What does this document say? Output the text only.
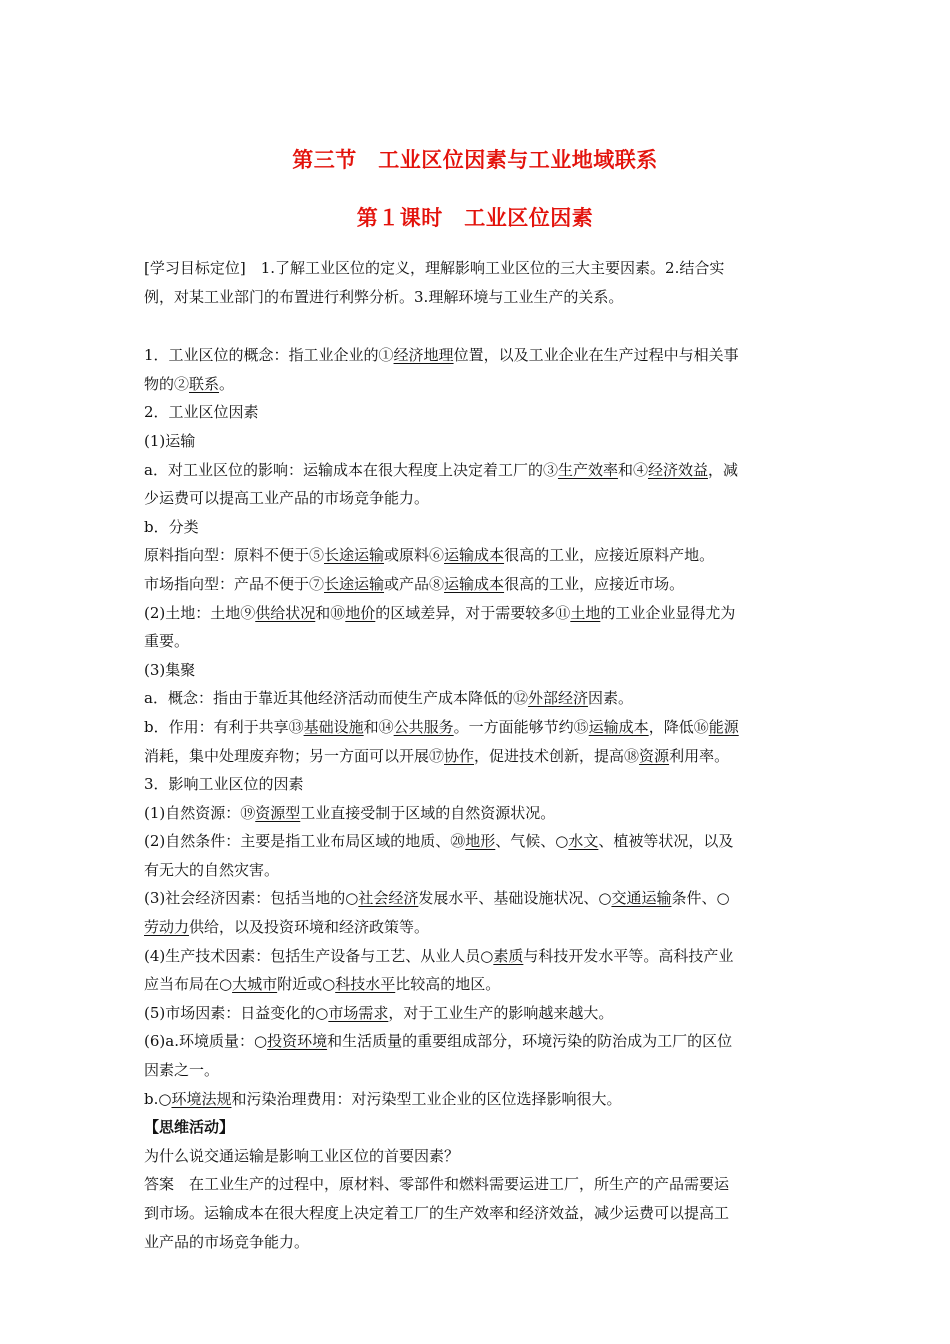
第三节　工业区位因素与工业地域联系
第１课时　工业区位因素
[学习目标定位]　1.了解工业区位的定义，理解影响工业区位的三大主要因素。2.结合实
例，对某工业部门的布置进行利弊分析。3.理解环境与工业生产的关系。
1．工业区位的概念：指工业企业的①经济地理位置，以及工业企业在生产过程中与相关事
物的②联系。
2．工业区位因素
(1)运输
a．对工业区位的影响：运输成本在很大程度上决定着工厂的③生产效率和④经济效益，减
少运费可以提高工业产品的市场竞争能力。
b．分类
原料指向型：原料不便于⑤长途运输或原料⑥运输成本很高的工业，应接近原料产地。
市场指向型：产品不便于⑦长途运输或产品⑧运输成本很高的工业，应接近市场。
(2)土地：土地⑨供给状况和⑩地价的区域差异，对于需要较多⑪土地的工业企业显得尤为
重要。
(3)集聚
a．概念：指由于靠近其他经济活动而使生产成本降低的⑫外部经济因素。
b．作用：有利于共享⑬基础设施和⑭公共服务。一方面能够节约⑮运输成本，降低⑯能源
消耗，集中处理废弃物；另一方面可以开展⑰协作，促进技术创新，提高⑱资源利用率。
3．影响工业区位的因素
(1)自然资源：⑲资源型工业直接受制于区域的自然资源状况。
(2)自然条件：主要是指工业布局区域的地质、⑳地形、气候、○水文、植被等状况，以及
有无大的自然灾害。
(3)社会经济因素：包括当地的○社会经济发展水平、基础设施状况、○交通运输条件、○
劳动力供给，以及投资环境和经济政策等。
(4)生产技术因素：包括生产设备与工艺、从业人员○素质与科技开发水平等。高科技产业
应当布局在○大城市附近或○科技水平比较高的地区。
(5)市场因素：日益变化的○市场需求，对于工业生产的影响越来越大。
(6)a.环境质量：○投资环境和生活质量的重要组成部分，环境污染的防治成为工厂的区位
因素之一。
b.○环境法规和污染治理费用：对污染型工业企业的区位选择影响很大。
【思维活动】
为什么说交通运输是影响工业区位的首要因素？
答案　在工业生产的过程中，原材料、零部件和燃料需要运进工厂，所生产的产品需要运
到市场。运输成本在很大程度上决定着工厂的生产效率和经济效益，减少运费可以提高工
业产品的市场竞争能力。
